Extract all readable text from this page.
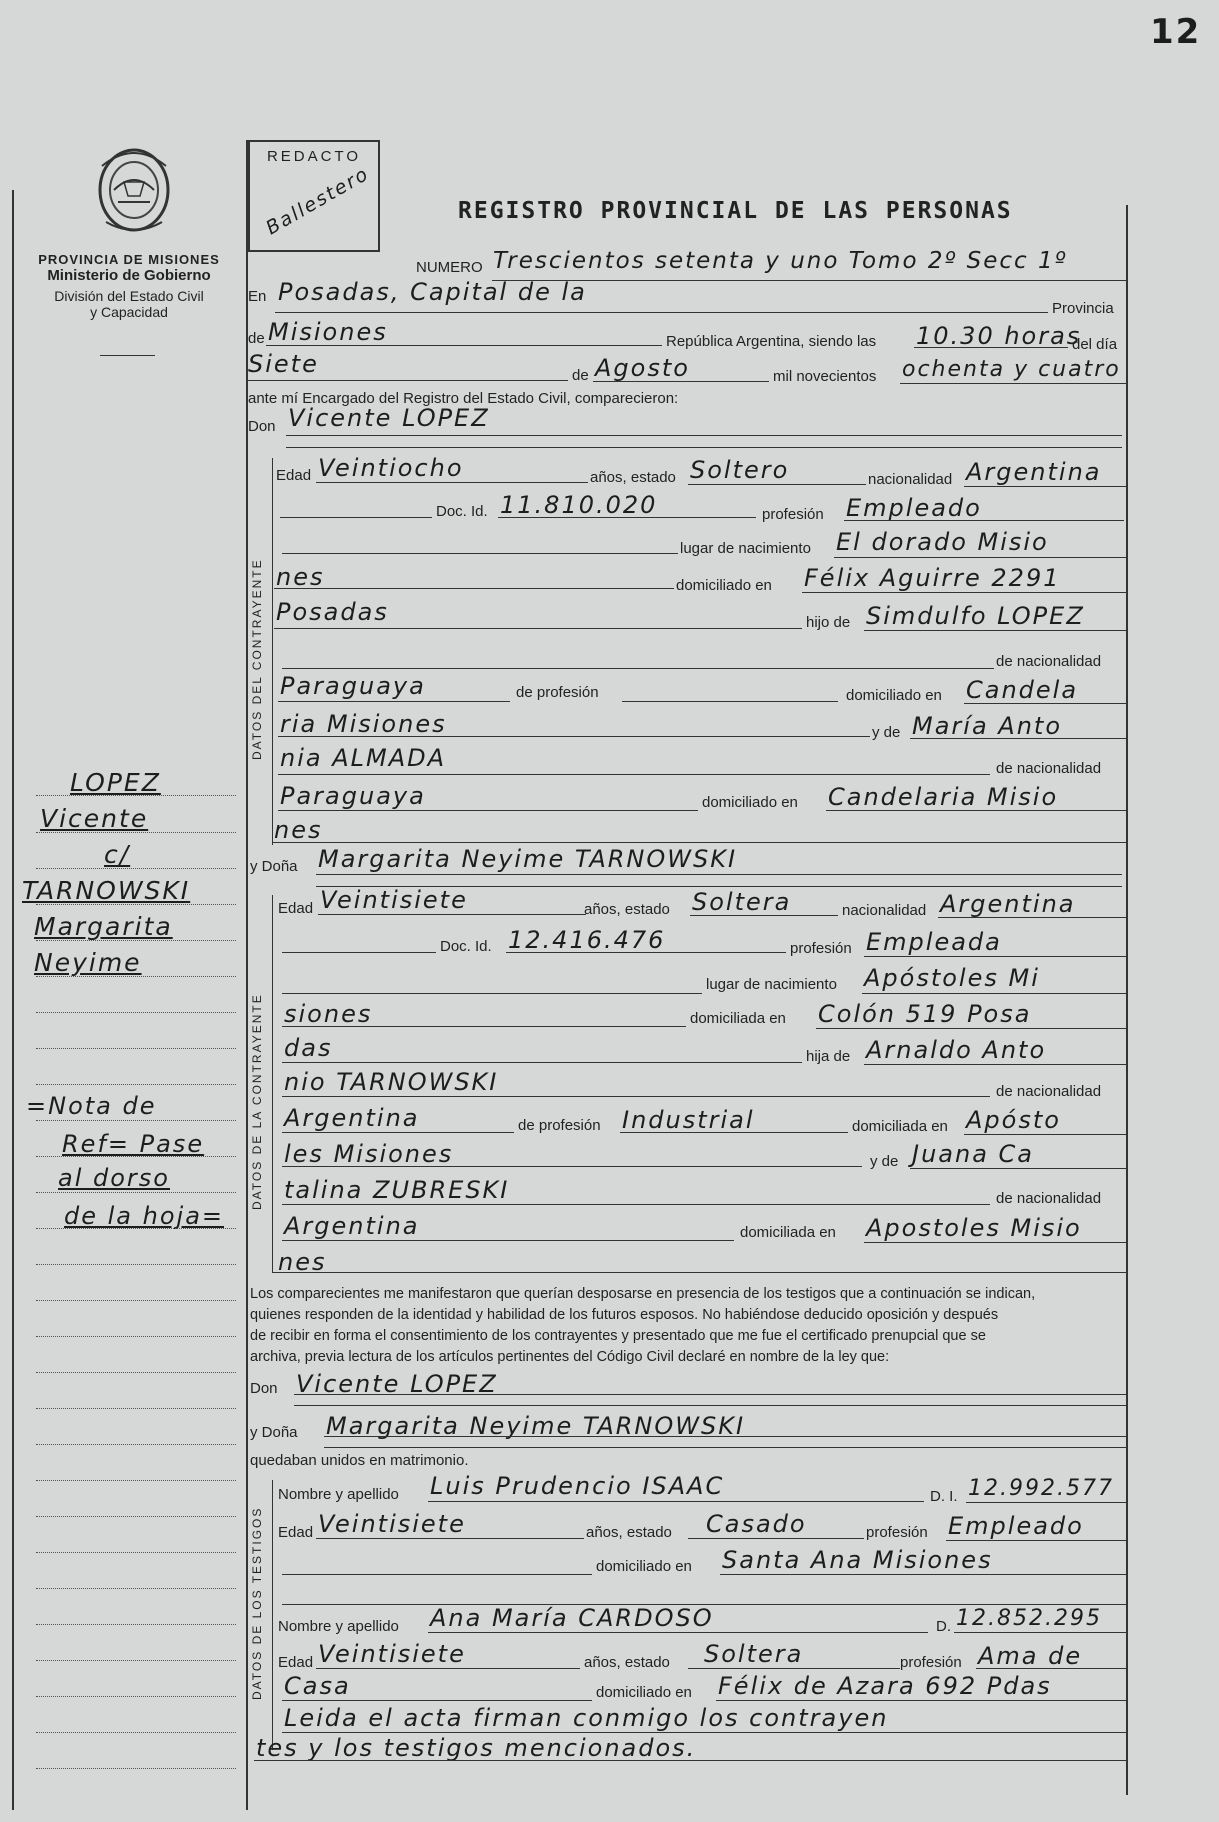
12
PROVINCIA DE MISIONES
Ministerio de Gobierno
División del Estado Civil
y Capacidad
REDACTO
Ballestero	REGISTRO PROVINCIAL DE LAS PERSONAS
NUMERO Trescientos setenta y uno Tomo 2º Secc 1º
En Posadas, Capital de la
Provincia
de Misiones	República Argentina, siendo las 10.30 horas
del día
Siete	de Agosto	mil novecientos ochenta y cuatro
ante mí Encargado del Registro del Estado Civil, comparecieron:
Don Vicente LOPEZ
DATOS DEL CONTRAYENTE
Edad Veintiocho	años, estado Soltero	nacionalidad Argentina
Doc. Id. 11.810.020	profesión Empleado
lugar de nacimiento El dorado Misio
nes	domiciliado en Félix Aguirre 2291
Posadas	hijo de Simdulfo LOPEZ
de nacionalidad
Paraguaya	de profesión	domiciliado en Candela
ria Misiones	y de María Anto
nia ALMADA	de nacionalidad
Paraguaya	domiciliado en Candelaria Misio
nes
y Doña Margarita Neyime TARNOWSKI
DATOS DE LA CONTRAYENTE
Edad Veintisiete	años, estado Soltera	nacionalidad Argentina
Doc. Id. 12.416.476	profesión Empleada
lugar de nacimiento Apóstoles Mi
siones	domiciliada en Colón 519 Posa
das	hija de Arnaldo Anto
nio TARNOWSKI	de nacionalidad
Argentina	de profesión Industrial	domiciliada en Apósto
les Misiones	y de Juana Ca
talina ZUBRESKI	de nacionalidad
Argentina	domiciliada en Apostoles Misio
nes
Los comparecientes me manifestaron que querían desposarse en presencia de los testigos que a continuación se indican,
quienes responden de la identidad y habilidad de los futuros esposos. No habiéndose deducido oposición y después
de recibir en forma el consentimiento de los contrayentes y presentado que me fue el certificado prenupcial que se
archiva, previa lectura de los artículos pertinentes del Código Civil declaré en nombre de la ley que:
Don Vicente LOPEZ
y Doña Margarita Neyime TARNOWSKI
quedaban unidos en matrimonio.
DATOS DE LOS TESTIGOS
Nombre y apellido Luis Prudencio ISAAC	D. I. 12.992.577
Edad Veintisiete	años, estado Casado	profesión Empleado
domiciliado en Santa Ana Misiones
Nombre y apellido Ana María CARDOSO	D. 12.852.295
Edad Veintisiete	años, estado Soltera	profesión Ama de
Casa	domiciliado en Félix de Azara 692 Pdas
Leida el acta firman conmigo los contrayen
tes y los testigos mencionados.
LOPEZ
Vicente
c/
TARNOWSKI
Margarita
Neyime
=Nota de
Ref= Pase
al dorso
de la hoja=
